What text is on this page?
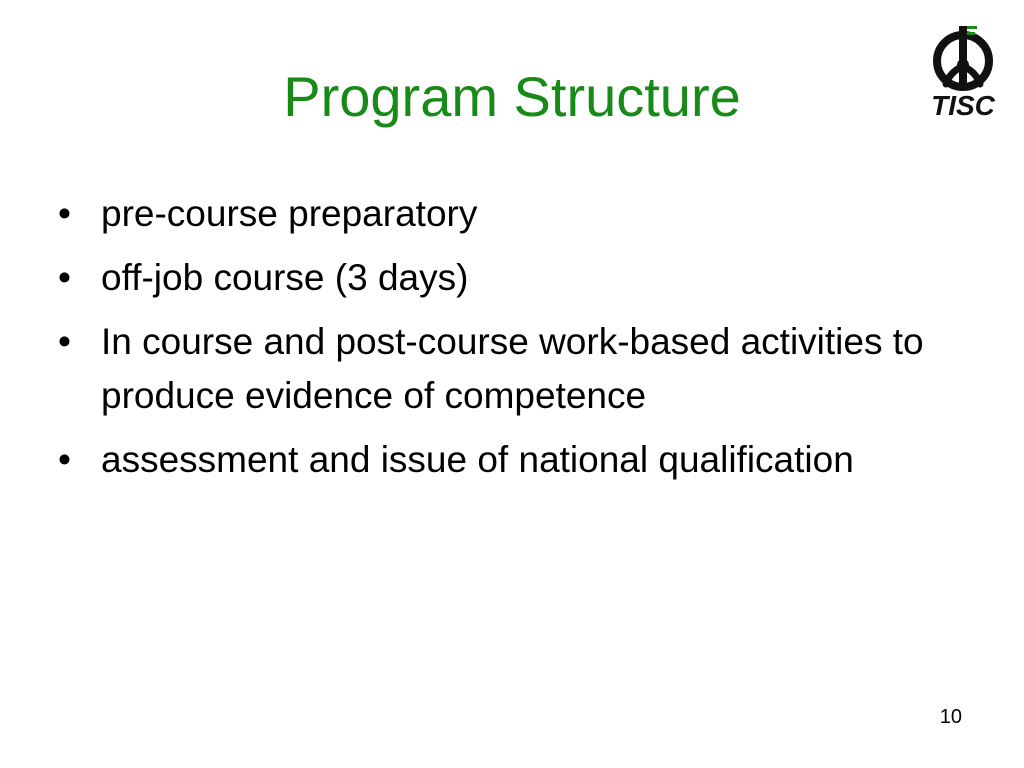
Program Structure	TISC
• pre-course preparatory
• off-job course (3 days)
• In course and post-course work-based activities to produce evidence of competence
• assessment and issue of national qualification
10
